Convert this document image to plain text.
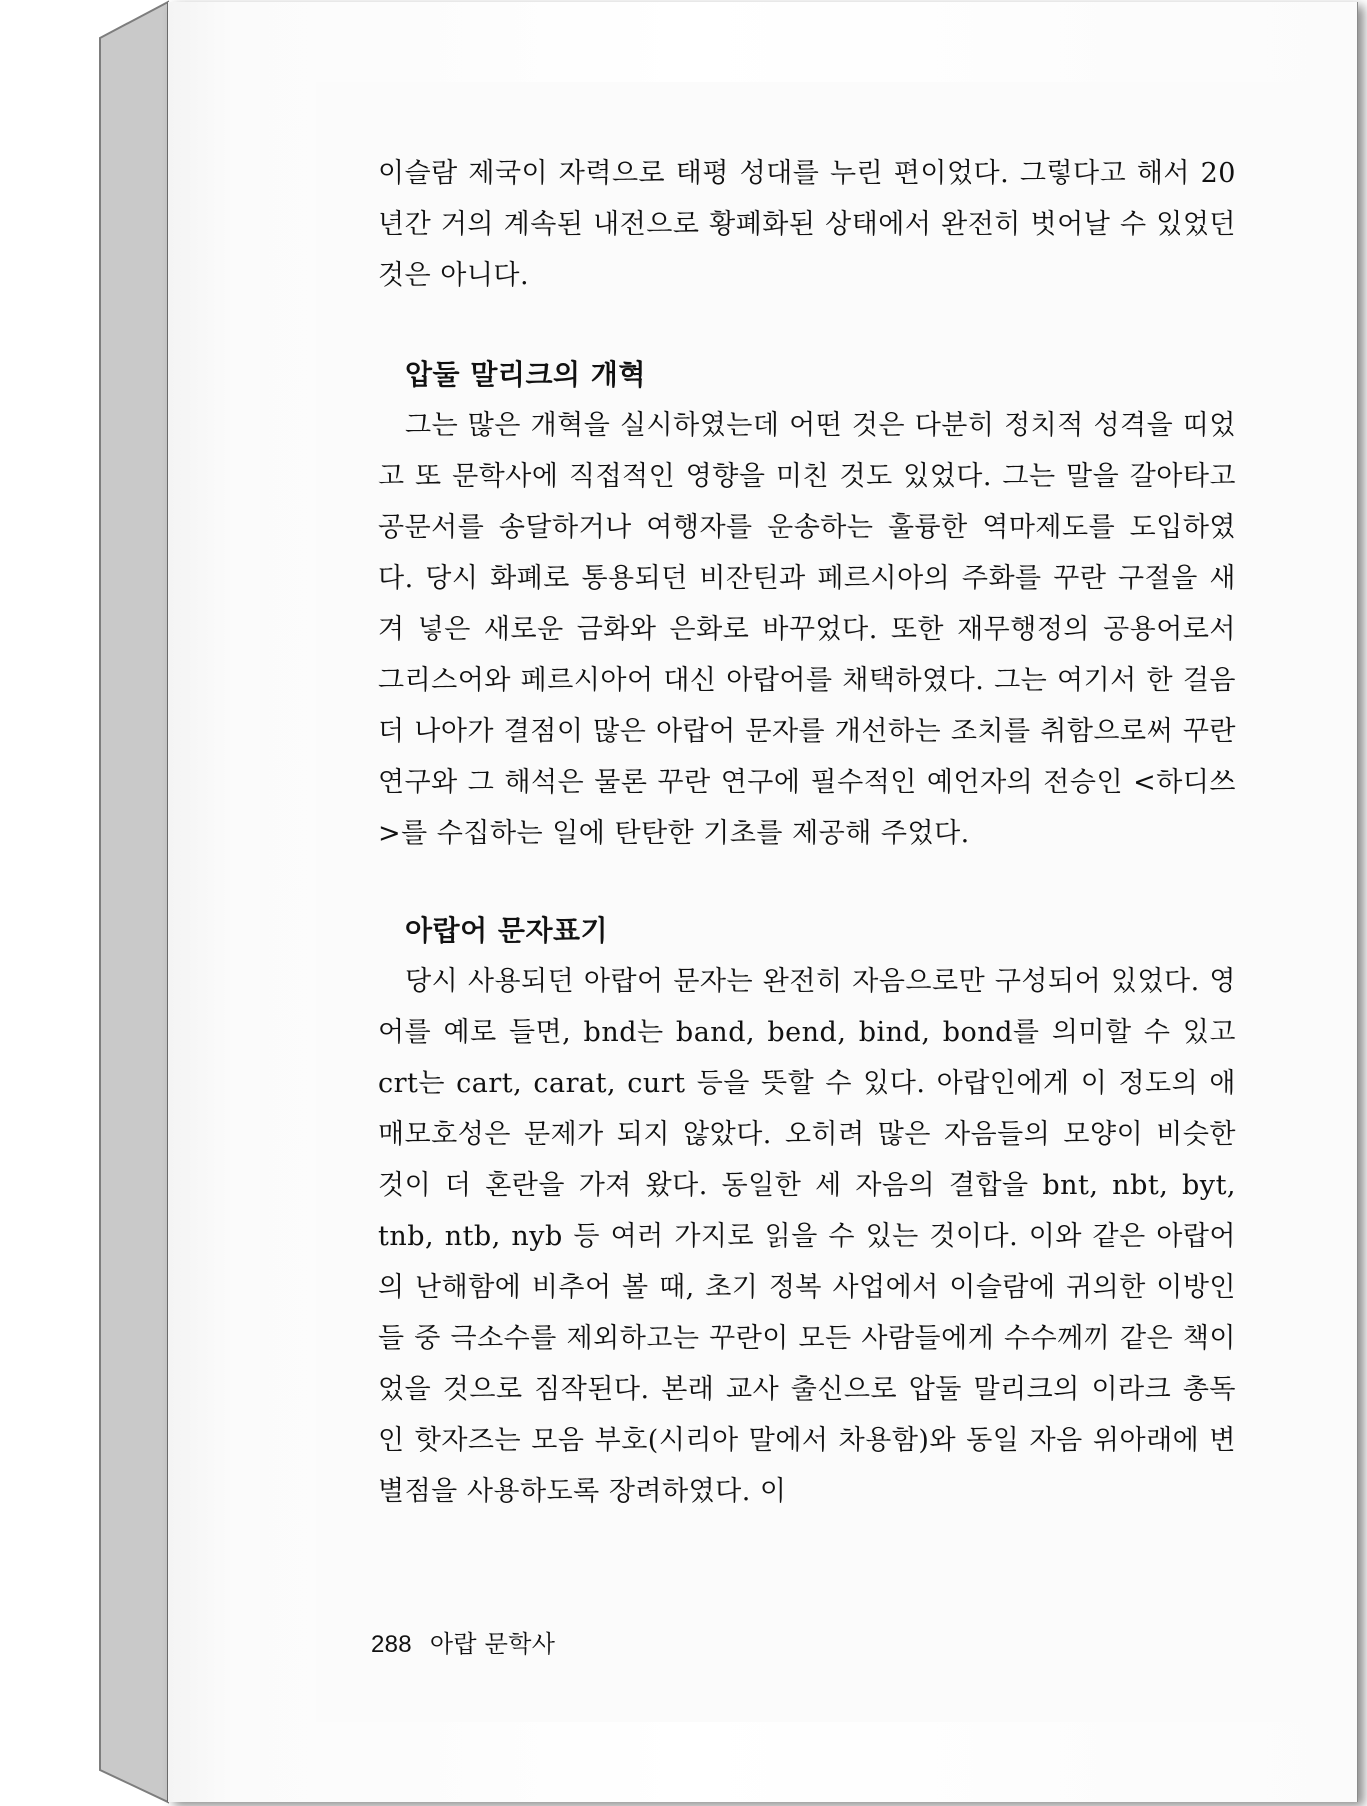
이슬람 제국이 자력으로 태평 성대를 누린 편이었다. 그렇다고 해서 20년간 거의 계속된 내전으로 황폐화된 상태에서 완전히 벗어날 수 있었던 것은 아니다.

압둘 말리크의 개혁

그는 많은 개혁을 실시하였는데 어떤 것은 다분히 정치적 성격을 띠었고 또 문학사에 직접적인 영향을 미친 것도 있었다. 그는 말을 갈아타고 공문서를 송달하거나 여행자를 운송하는 훌륭한 역마제도를 도입하였다. 당시 화폐로 통용되던 비잔틴과 페르시아의 주화를 꾸란 구절을 새겨 넣은 새로운 금화와 은화로 바꾸었다. 또한 재무행정의 공용어로서 그리스어와 페르시아어 대신 아랍어를 채택하였다. 그는 여기서 한 걸음 더 나아가 결점이 많은 아랍어 문자를 개선하는 조치를 취함으로써 꾸란 연구와 그 해석은 물론 꾸란 연구에 필수적인 예언자의 전승인 <하디쓰>를 수집하는 일에 탄탄한 기초를 제공해 주었다.

아랍어 문자표기

당시 사용되던 아랍어 문자는 완전히 자음으로만 구성되어 있었다. 영어를 예로 들면, bnd는 band, bend, bind, bond를 의미할 수 있고 crt는 cart, carat, curt 등을 뜻할 수 있다. 아랍인에게 이 정도의 애매모호성은 문제가 되지 않았다. 오히려 많은 자음들의 모양이 비슷한 것이 더 혼란을 가져 왔다. 동일한 세 자음의 결합을 bnt, nbt, byt, tnb, ntb, nyb 등 여러 가지로 읽을 수 있는 것이다. 이와 같은 아랍어의 난해함에 비추어 볼 때, 초기 정복 사업에서 이슬람에 귀의한 이방인들 중 극소수를 제외하고는 꾸란이 모든 사람들에게 수수께끼 같은 책이었을 것으로 짐작된다. 본래 교사 출신으로 압둘 말리크의 이라크 총독인 핫자즈는 모음 부호(시리아 말에서 차용함)와 동일 자음 위아래에 변별점을 사용하도록 장려하였다. 이

288 아랍 문학사
